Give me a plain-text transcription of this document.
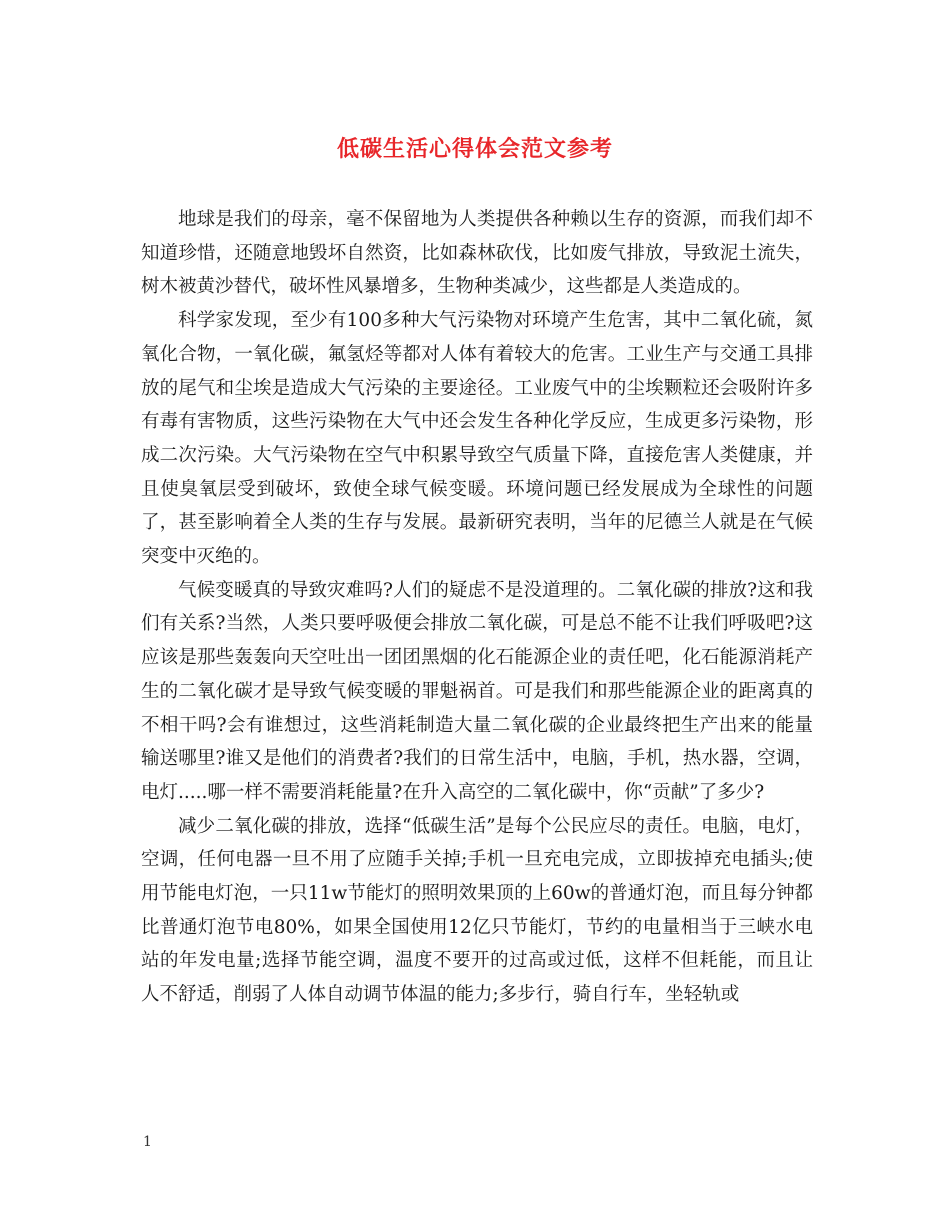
低碳生活心得体会范文参考

地球是我们的母亲，毫不保留地为人类提供各种赖以生存的资源，而我们却不知道珍惜，还随意地毁坏自然资，比如森林砍伐，比如废气排放，导致泥土流失，树木被黄沙替代，破坏性风暴增多，生物种类减少，这些都是人类造成的。

科学家发现，至少有100多种大气污染物对环境产生危害，其中二氧化硫，氮氧化合物，一氧化碳，氟氢烃等都对人体有着较大的危害。工业生产与交通工具排放的尾气和尘埃是造成大气污染的主要途径。工业废气中的尘埃颗粒还会吸附许多有毒有害物质，这些污染物在大气中还会发生各种化学反应，生成更多污染物，形成二次污染。大气污染物在空气中积累导致空气质量下降，直接危害人类健康，并且使臭氧层受到破坏，致使全球气候变暖。环境问题已经发展成为全球性的问题了，甚至影响着全人类的生存与发展。最新研究表明，当年的尼德兰人就是在气候突变中灭绝的。

气候变暖真的导致灾难吗?人们的疑虑不是没道理的。二氧化碳的排放?这和我们有关系?当然，人类只要呼吸便会排放二氧化碳，可是总不能不让我们呼吸吧?这应该是那些轰轰向天空吐出一团团黑烟的化石能源企业的责任吧，化石能源消耗产生的二氧化碳才是导致气候变暖的罪魁祸首。可是我们和那些能源企业的距离真的不相干吗?会有谁想过，这些消耗制造大量二氧化碳的企业最终把生产出来的能量输送哪里?谁又是他们的消费者?我们的日常生活中，电脑，手机，热水器，空调，电灯.....哪一样不需要消耗能量?在升入高空的二氧化碳中，你“贡献”了多少?

减少二氧化碳的排放，选择“低碳生活”是每个公民应尽的责任。电脑，电灯，空调，任何电器一旦不用了应随手关掉;手机一旦充电完成，立即拔掉充电插头;使用节能电灯泡，一只11w节能灯的照明效果顶的上60w的普通灯泡，而且每分钟都比普通灯泡节电80%，如果全国使用12亿只节能灯，节约的电量相当于三峡水电站的年发电量;选择节能空调，温度不要开的过高或过低，这样不但耗能，而且让人不舒适，削弱了人体自动调节体温的能力;多步行，骑自行车，坐轻轨或

1
